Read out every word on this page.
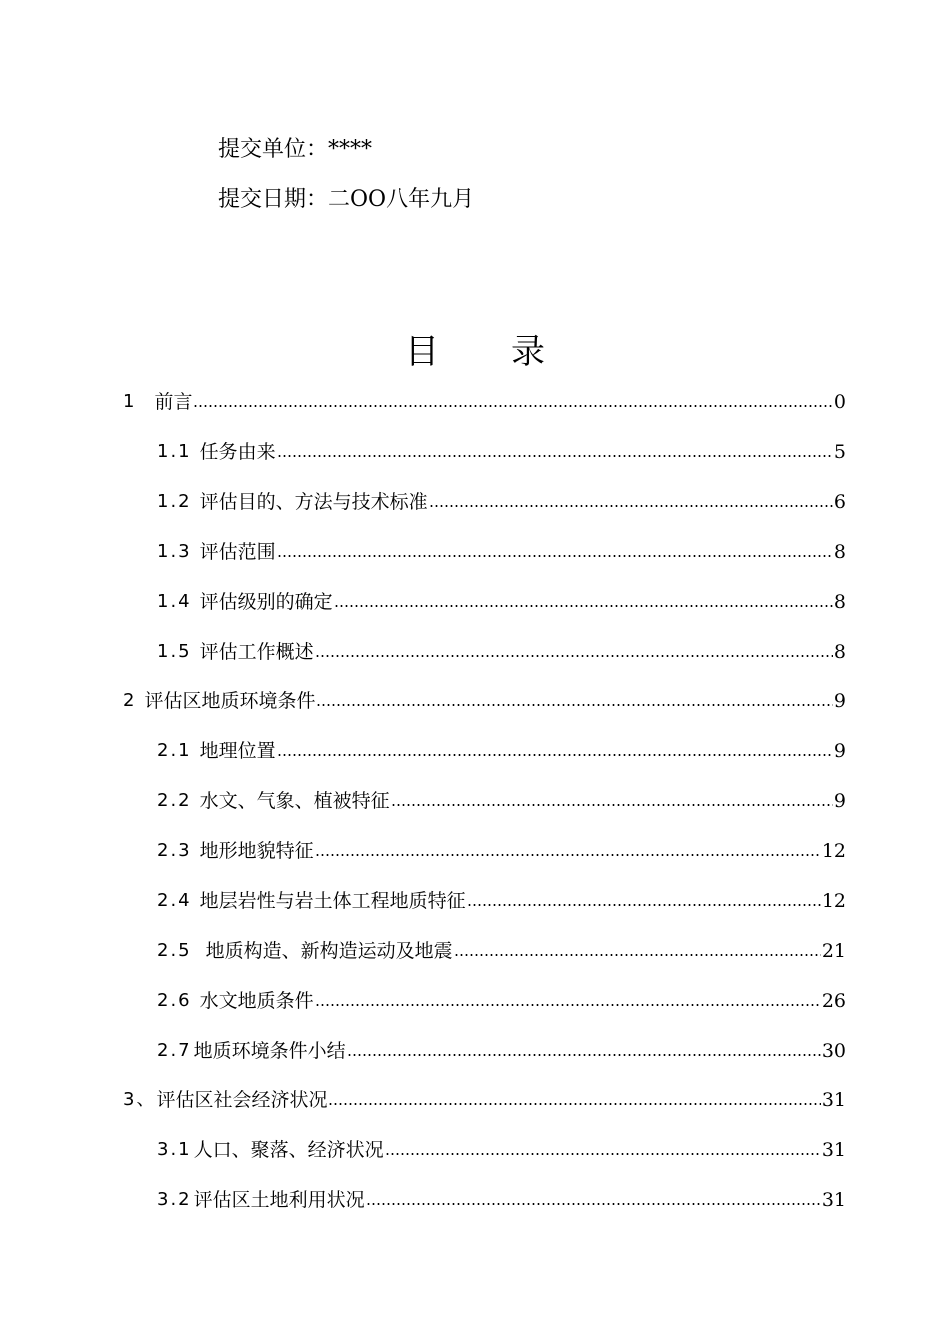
提交单位：****
提交日期：二OO八年九月
目 录
1 前言	0
1.1 任务由来	5
1.2 评估目的、方法与技术标准	6
1.3 评估范围	8
1.4 评估级别的确定	8
1.5 评估工作概述	8
2 评估区地质环境条件	9
2.1 地理位置	9
2.2 水文、气象、植被特征	9
2.3 地形地貌特征	12
2.4 地层岩性与岩土体工程地质特征	12
2.5 地质构造、新构造运动及地震	21
2.6 水文地质条件	26
2.7 地质环境条件小结	30
3、 评估区社会经济状况	31
3.1 人口、聚落、经济状况	31
3.2 评估区土地利用状况	31
